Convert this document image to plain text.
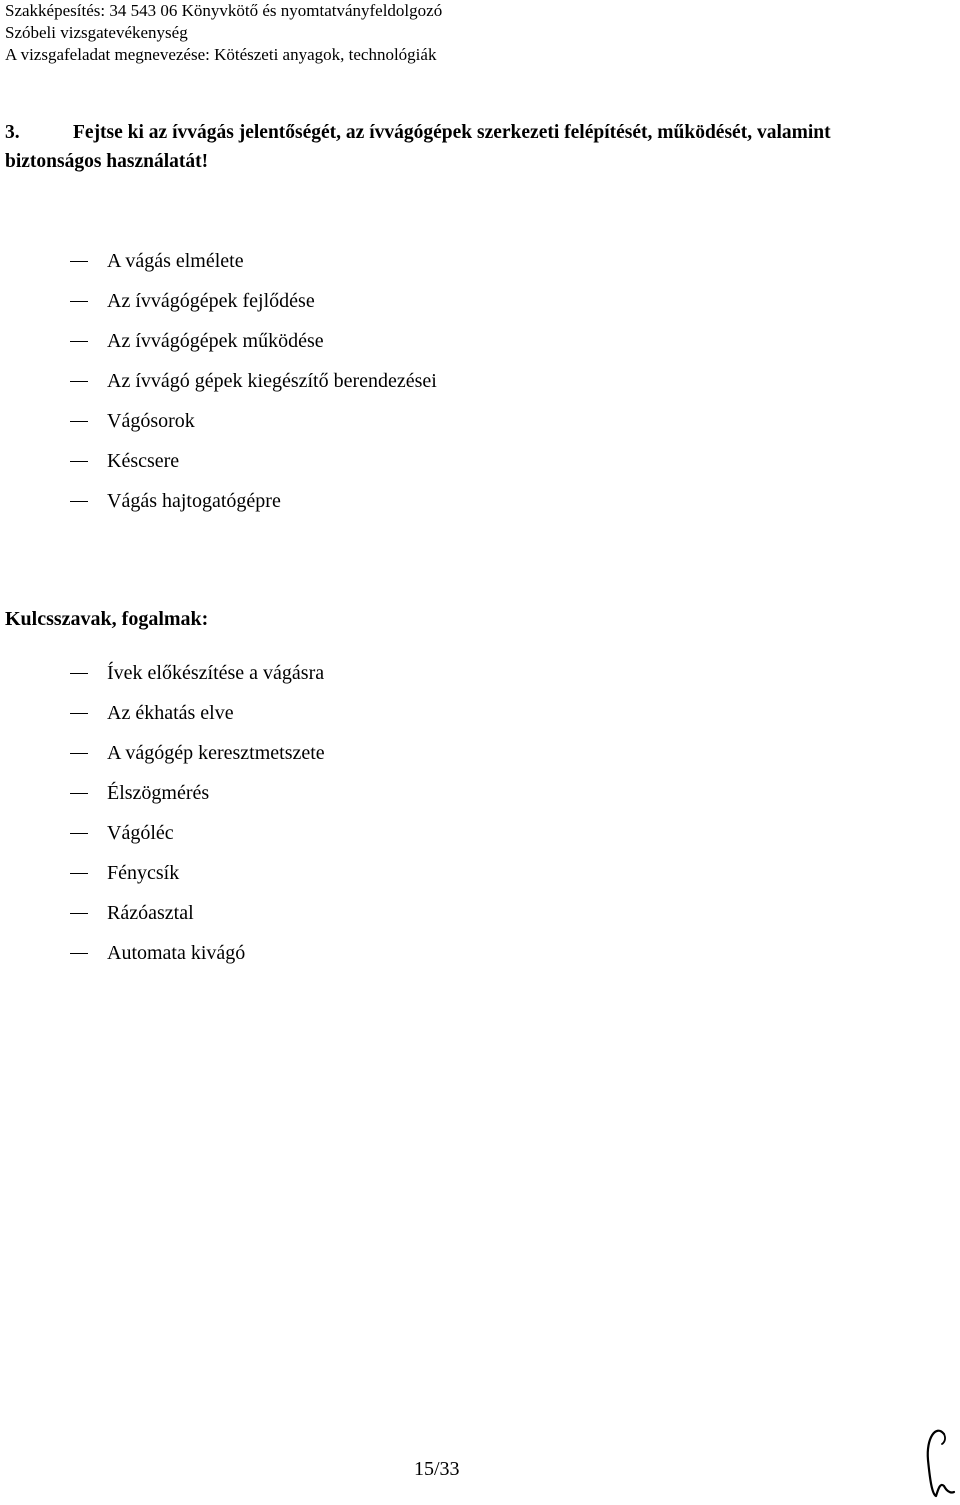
Szakképesítés: 34 543 06 Könyvkötő és nyomtatványfeldolgozó
Szóbeli vizsgatevékenység
A vizsgafeladat megnevezése: Kötészeti anyagok, technológiák
3.	Fejtse ki az ívvágás jelentőségét, az ívvágógépek szerkezeti felépítését, működését, valamint biztonságos használatát!
A vágás elmélete
Az ívvágógépek fejlődése
Az ívvágógépek működése
Az ívvágó gépek kiegészítő berendezései
Vágósorok
Késcsere
Vágás hajtogatógépre
Kulcsszavak, fogalmak:
Ívek előkészítése a vágásra
Az ékhatás elve
A vágógép keresztmetszete
Élszögmérés
Vágóléc
Fénycsík
Rázóasztal
Automata kivágó
15/33
